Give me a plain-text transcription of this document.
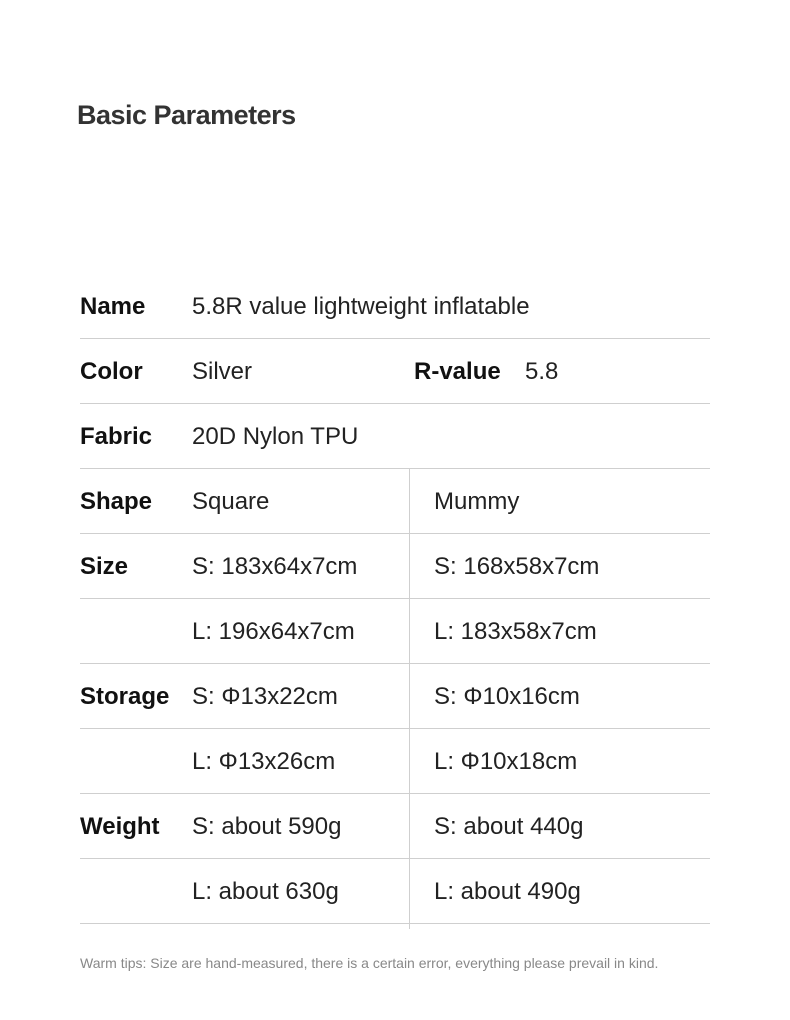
Basic Parameters
Name 5.8R value lightweight inflatable
Color Silver	R-value 5.8
Fabric 20D Nylon TPU
Shape Square	Mummy
Size	S: 183x64x7cm	S: 168x58x7cm
L: 196x64x7cm	L: 183x58x7cm
Storage S: Φ13x22cm	S: Φ10x16cm
L: Φ13x26cm	L: Φ10x18cm
Weight S: about 590g	S: about 440g
L: about 630g	L: about 490g
Warm tips: Size are hand-measured, there is a certain error, everything please prevail in kind.
